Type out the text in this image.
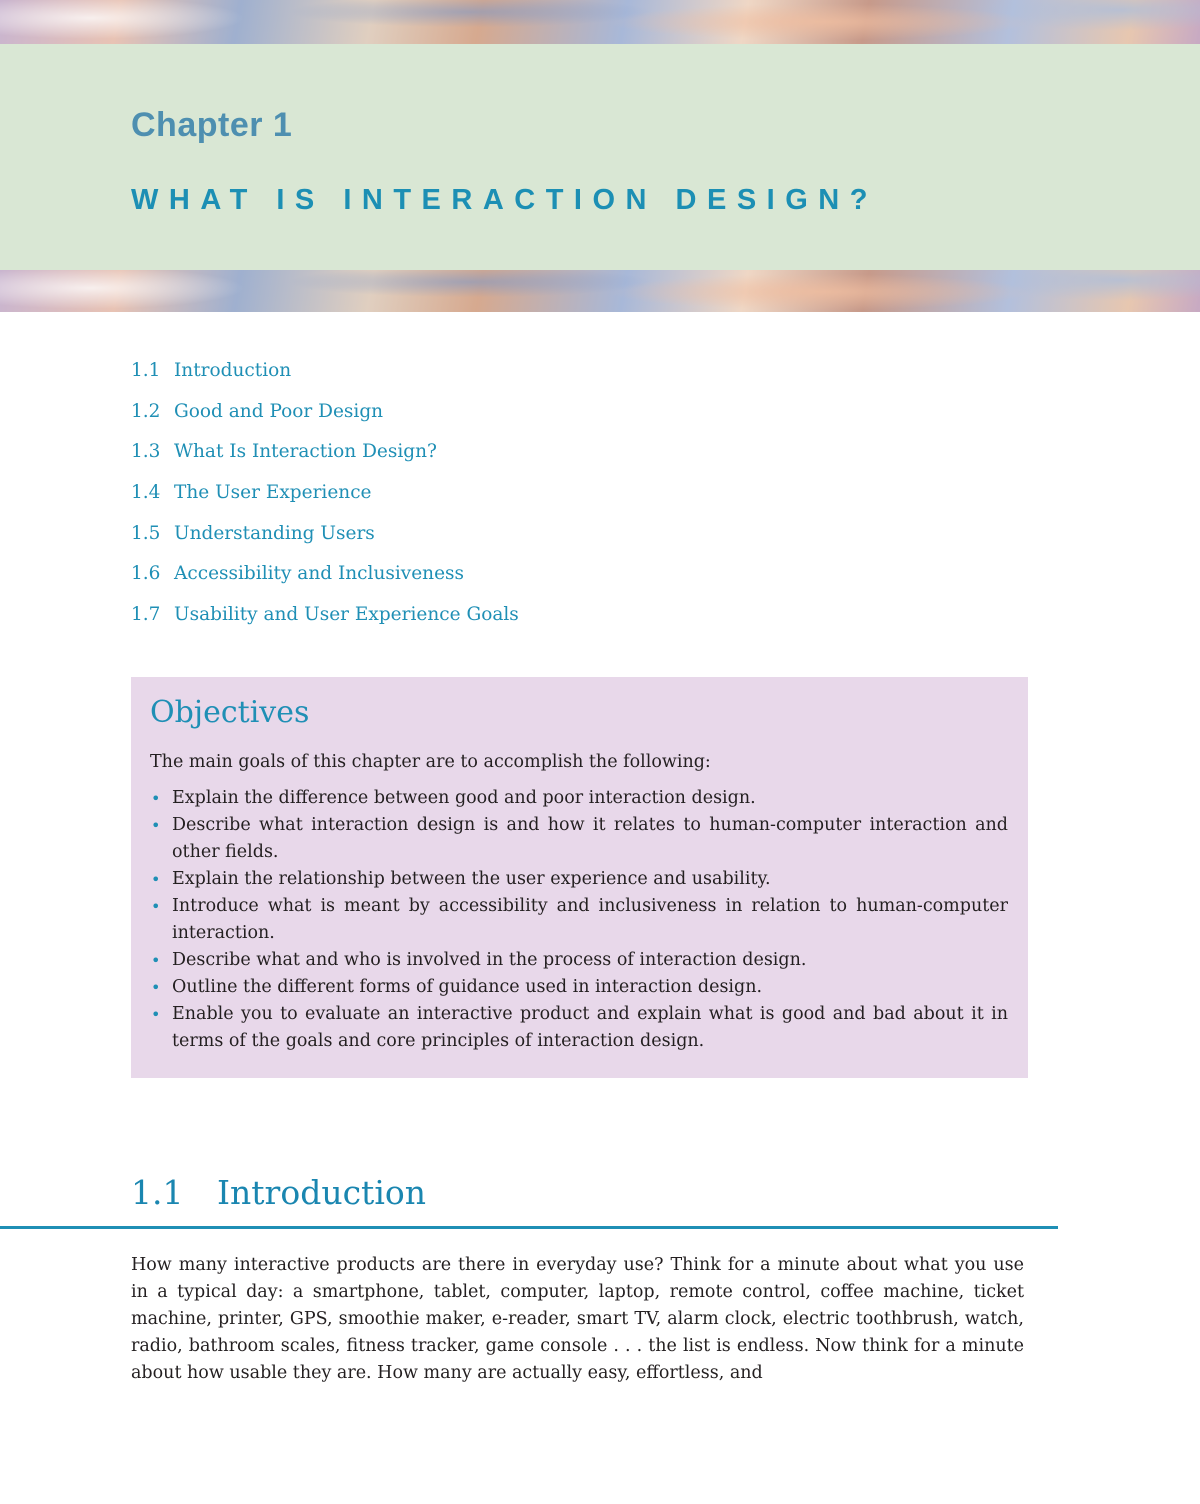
Chapter 1
WHAT IS INTERACTION DESIGN?
1.1 Introduction
1.2 Good and Poor Design
1.3 What Is Interaction Design?
1.4 The User Experience
1.5 Understanding Users
1.6 Accessibility and Inclusiveness
1.7 Usability and User Experience Goals
Objectives

The main goals of this chapter are to accomplish the following:

• Explain the difference between good and poor interaction design.
• Describe what interaction design is and how it relates to human-computer interaction and other fields.
• Explain the relationship between the user experience and usability.
• Introduce what is meant by accessibility and inclusiveness in relation to human-computer interaction.
• Describe what and who is involved in the process of interaction design.
• Outline the different forms of guidance used in interaction design.
• Enable you to evaluate an interactive product and explain what is good and bad about it in terms of the goals and core principles of interaction design.
1.1 Introduction

How many interactive products are there in everyday use? Think for a minute about what you use in a typical day: a smartphone, tablet, computer, laptop, remote control, coffee machine, ticket machine, printer, GPS, smoothie maker, e-reader, smart TV, alarm clock, electric toothbrush, watch, radio, bathroom scales, fitness tracker, game console . . . the list is endless. Now think for a minute about how usable they are. How many are actually easy, effortless, and
